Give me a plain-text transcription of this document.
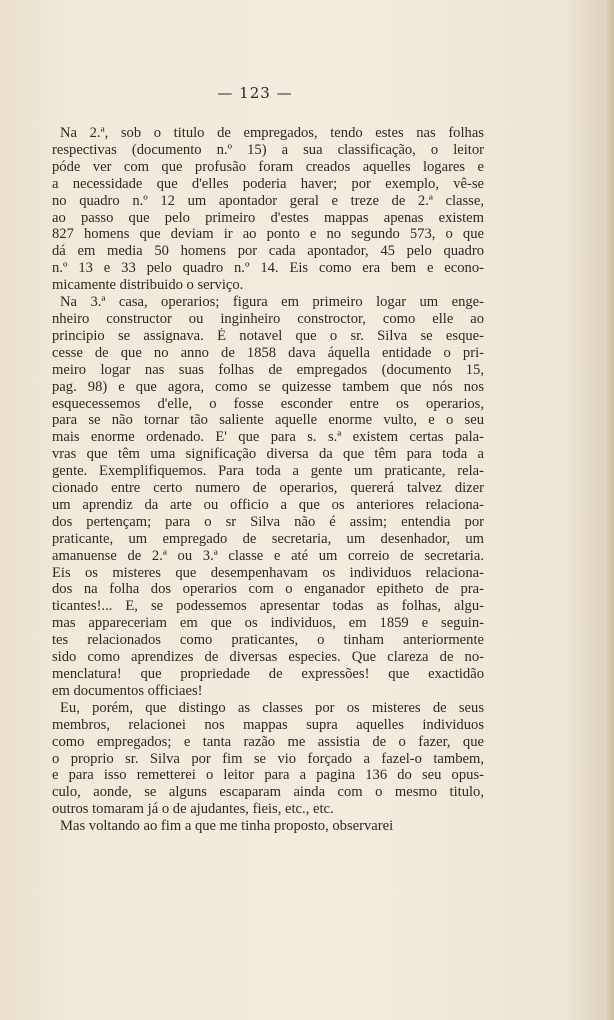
— 123 —
Na 2.ª, sob o titulo de empregados, tendo estes nas folhas
respectivas (documento n.º 15) a sua classificação, o leitor
póde ver com que profusão foram creados aquelles logares e
a necessidade que d'elles poderia haver; por exemplo, vê-se
no quadro n.º 12 um apontador geral e treze de 2.ª classe,
ao passo que pelo primeiro d'estes mappas apenas existem
827 homens que deviam ir ao ponto e no segundo 573, o que
dá em media 50 homens por cada apontador, 45 pelo quadro
n.º 13 e 33 pelo quadro n.º 14. Eis como era bem e econo-
micamente distribuido o serviço.
Na 3.ª casa, operarios; figura em primeiro logar um enge-
nheiro constructor ou inginheiro constroctor, como elle ao
principio se assignava. É notavel que o sr. Silva se esque-
cesse de que no anno de 1858 dava áquella entidade o pri-
meiro logar nas suas folhas de empregados (documento 15,
pag. 98) e que agora, como se quizesse tambem que nós nos
esquecessemos d'elle, o fosse esconder entre os operarios,
para se não tornar tão saliente aquelle enorme vulto, e o seu
mais enorme ordenado. E' que para s. s.ª existem certas pala-
vras que têm uma significação diversa da que têm para toda a
gente. Exemplifiquemos. Para toda a gente um praticante, rela-
cionado entre certo numero de operarios, quererá talvez dizer
um aprendiz da arte ou officio a que os anteriores relaciona-
dos pertençam; para o sr Silva não é assim; entendia por
praticante, um empregado de secretaria, um desenhador, um
amanuense de 2.ª ou 3.ª classe e até um correio de secretaria.
Eis os misteres que desempenhavam os individuos relaciona-
dos na folha dos operarios com o enganador epitheto de pra-
ticantes!... E, se podessemos apresentar todas as folhas, algu-
mas appareceriam em que os individuos, em 1859 e seguin-
tes relacionados como praticantes, o tinham anteriormente
sido como aprendizes de diversas especies. Que clareza de no-
menclatura! que propriedade de expressões! que exactidão
em documentos officiaes!
Eu, porém, que distingo as classes por os misteres de seus
membros, relacionei nos mappas supra aquelles individuos
como empregados; e tanta razão me assistia de o fazer, que
o proprio sr. Silva por fim se vio forçado a fazel-o tambem,
e para isso remetterei o leitor para a pagina 136 do seu opus-
culo, aonde, se alguns escaparam ainda com o mesmo titulo,
outros tomaram já o de ajudantes, fieis, etc., etc.
Mas voltando ao fim a que me tinha proposto, observarei
